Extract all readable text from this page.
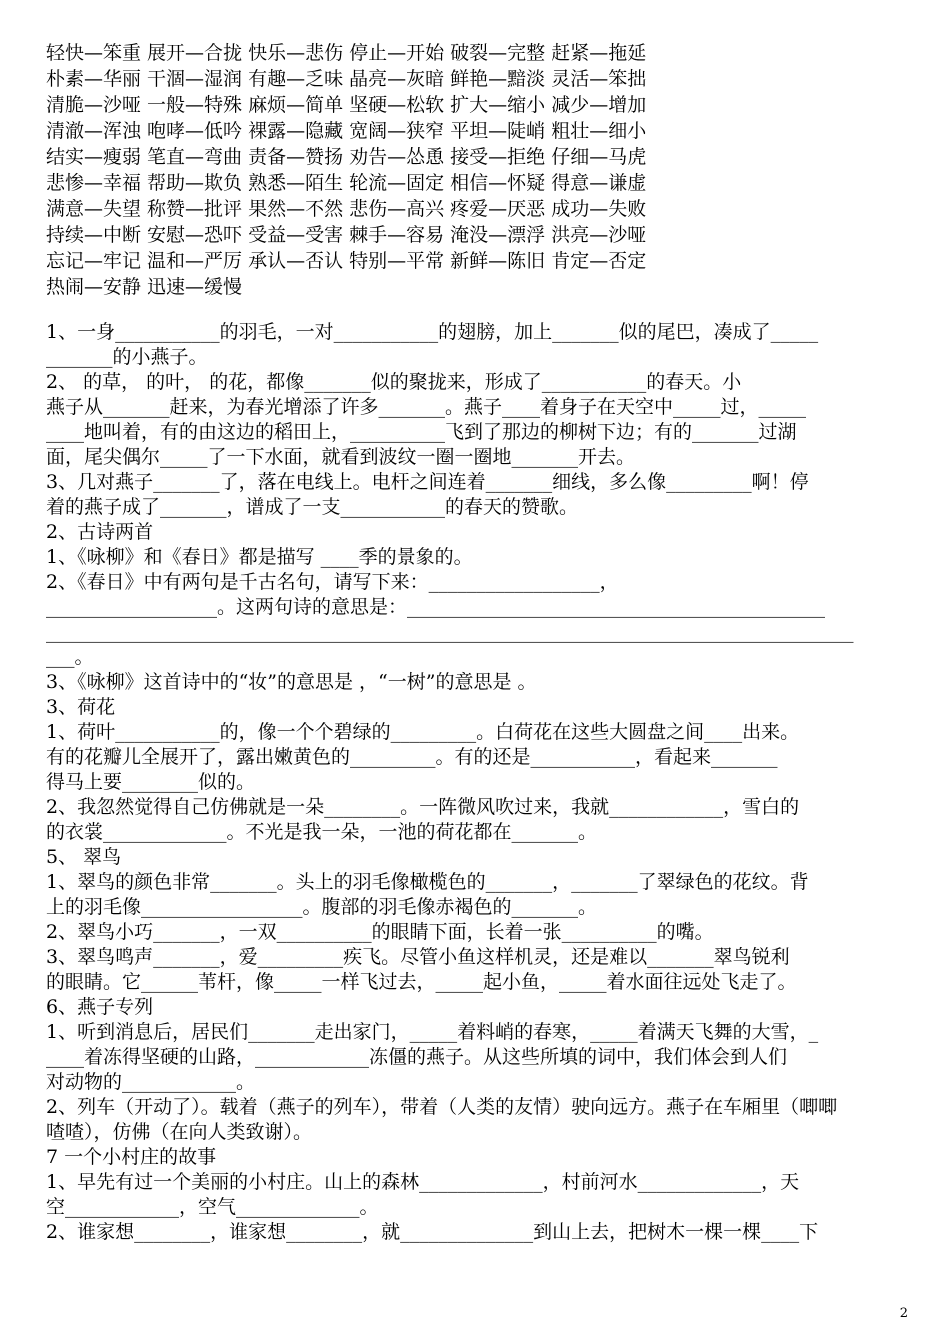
轻快—笨重 展开—合拢 快乐—悲伤 停止—开始 破裂—完整 赶紧—拖延
朴素—华丽 干涸—湿润 有趣—乏味 晶亮—灰暗 鲜艳—黯淡 灵活—笨拙
清脆—沙哑 一般—特殊 麻烦—简单 坚硬—松软 扩大—缩小 减少—增加
清澈—浑浊 咆哮—低吟 裸露—隐藏 宽阔—狭窄 平坦—陡峭 粗壮—细小
结实—瘦弱 笔直—弯曲 责备—赞扬 劝告—怂恿 接受—拒绝 仔细—马虎
悲惨—幸福 帮助—欺负 熟悉—陌生 轮流—固定 相信—怀疑 得意—谦虚
满意—失望 称赞—批评 果然—不然 悲伤—高兴 疼爱—厌恶 成功—失败
持续—中断 安慰—恐吓 受益—受害 棘手—容易 淹没—漂浮 洪亮—沙哑
忘记—牢记 温和—严厉 承认—否认 特别—平常 新鲜—陈旧 肯定—否定
热闹—安静 迅速—缓慢
1、一身___________的羽毛，一对___________的翅膀，加上_______似的尾巴，凑成了_____
_______的小燕子。
2、 的草， 的叶， 的花，都像_______似的聚拢来，形成了___________的春天。小
燕子从_______赶来，为春光增添了许多_______。燕子____着身子在天空中_____过，_____
____地叫着，有的由这边的稻田上，__________飞到了那边的柳树下边；有的_______过湖
面，尾尖偶尔_____了一下水面，就看到波纹一圈一圈地_______开去。
3、几对燕子_______了，落在电线上。电杆之间连着_______细线，多么像_________啊！停
着的燕子成了_______，谱成了一支___________的春天的赞歌。
2、古诗两首
1、《咏柳》和《春日》都是描写 ____季的景象的。
2、《春日》中有两句是千古名句，请写下来：__________________，
__________________。这两句诗的意思是：____________________________________________
_____________________________________________________________________________________
___。
3、《咏柳》这首诗中的“妆”的意思是 ，“一树”的意思是 。
3、荷花
1、荷叶___________的，像一个个碧绿的_________。白荷花在这些大圆盘之间____出来。
有的花瓣儿全展开了，露出嫩黄色的_________。有的还是___________，看起来_______
得马上要________似的。
2、我忽然觉得自己仿佛就是一朵________。一阵微风吹过来，我就____________，雪白的
的衣裳_____________。不光是我一朵，一池的荷花都在_______。
5、 翠鸟
1、翠鸟的颜色非常_______。头上的羽毛像橄榄色的_______，_______了翠绿色的花纹。背
上的羽毛像_________________。腹部的羽毛像赤褐色的_______。
2、翠鸟小巧_______，一双__________的眼睛下面，长着一张__________的嘴。
3、翠鸟鸣声_______，爱_________疾飞。尽管小鱼这样机灵，还是难以_______翠鸟锐利
的眼睛。它______苇杆，像_____一样飞过去，_____起小鱼，_____着水面往远处飞走了。
6、燕子专列
1、听到消息后，居民们_______走出家门，_____着料峭的春寒，_____着满天飞舞的大雪，_
____着冻得坚硬的山路，____________冻僵的燕子。从这些所填的词中，我们体会到人们
对动物的____________。
2、列车（开动了）。载着（燕子的列车），带着（人类的友情）驶向远方。燕子在车厢里（唧唧
喳喳），仿佛（在向人类致谢）。
7 一个小村庄的故事
1、早先有过一个美丽的小村庄。山上的森林_____________，村前河水_____________，天
空____________，空气_____________。
2、谁家想________，谁家想________，就______________到山上去，把树木一棵一棵____下
2
